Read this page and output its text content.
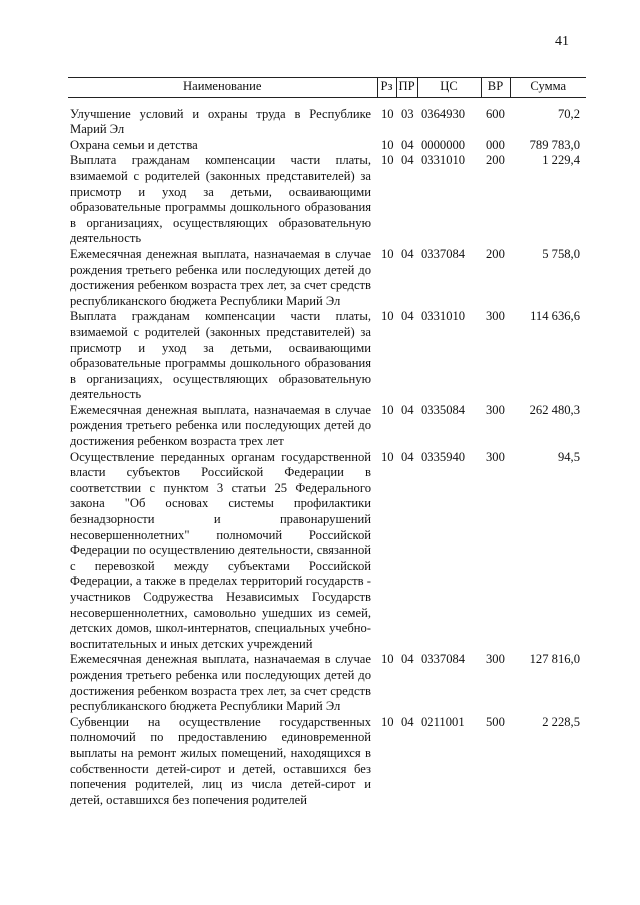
41
Наименование	Рз	ПР	ЦС	ВР	Сумма
Улучшение условий и охраны труда в Республике Марий Эл	10	03	0364930	600	70,2
Охрана семьи и детства	10	04	0000000	000	789 783,0
Выплата гражданам компенсации части платы, взимаемой с родителей (законных представителей) за присмотр и уход за детьми, осваивающими образовательные программы дошкольного образования в организациях, осуществляющих образовательную деятельность	10	04	0331010	200	1 229,4
Ежемесячная денежная выплата, назначаемая в случае рождения третьего ребенка или последующих детей до достижения ребенком возраста трех лет, за счет средств республиканского бюджета Республики Марий Эл	10	04	0337084	200	5 758,0
Выплата гражданам компенсации части платы, взимаемой с родителей (законных представителей) за присмотр и уход за детьми, осваивающими образовательные программы дошкольного образования в организациях, осуществляющих образовательную деятельность	10	04	0331010	300	114 636,6
Ежемесячная денежная выплата, назначаемая в случае рождения третьего ребенка или последующих детей до достижения ребенком возраста трех лет	10	04	0335084	300	262 480,3
Осуществление переданных органам государственной власти субъектов Российской Федерации в соответствии с пунктом 3 статьи 25 Федерального закона "Об основах системы профилактики безнадзорности и правонарушений несовершеннолетних" полномочий Российской Федерации по осуществлению деятельности, связанной с перевозкой между субъектами Российской Федерации, а также в пределах территорий государств - участников Содружества Независимых Государств несовершеннолетних, самовольно ушедших из семей, детских домов, школ-интернатов, специальных учебно-воспитательных и иных детских учреждений	10	04	0335940	300	94,5
Ежемесячная денежная выплата, назначаемая в случае рождения третьего ребенка или последующих детей до достижения ребенком возраста трех лет, за счет средств республиканского бюджета Республики Марий Эл	10	04	0337084	300	127 816,0
Субвенции на осуществление государственных полномочий по предоставлению единовременной выплаты на ремонт жилых помещений, находящихся в собственности детей-сирот и детей, оставшихся без попечения родителей, лиц из числа детей-сирот и детей, оставшихся без попечения родителей	10	04	0211001	500	2 228,5
